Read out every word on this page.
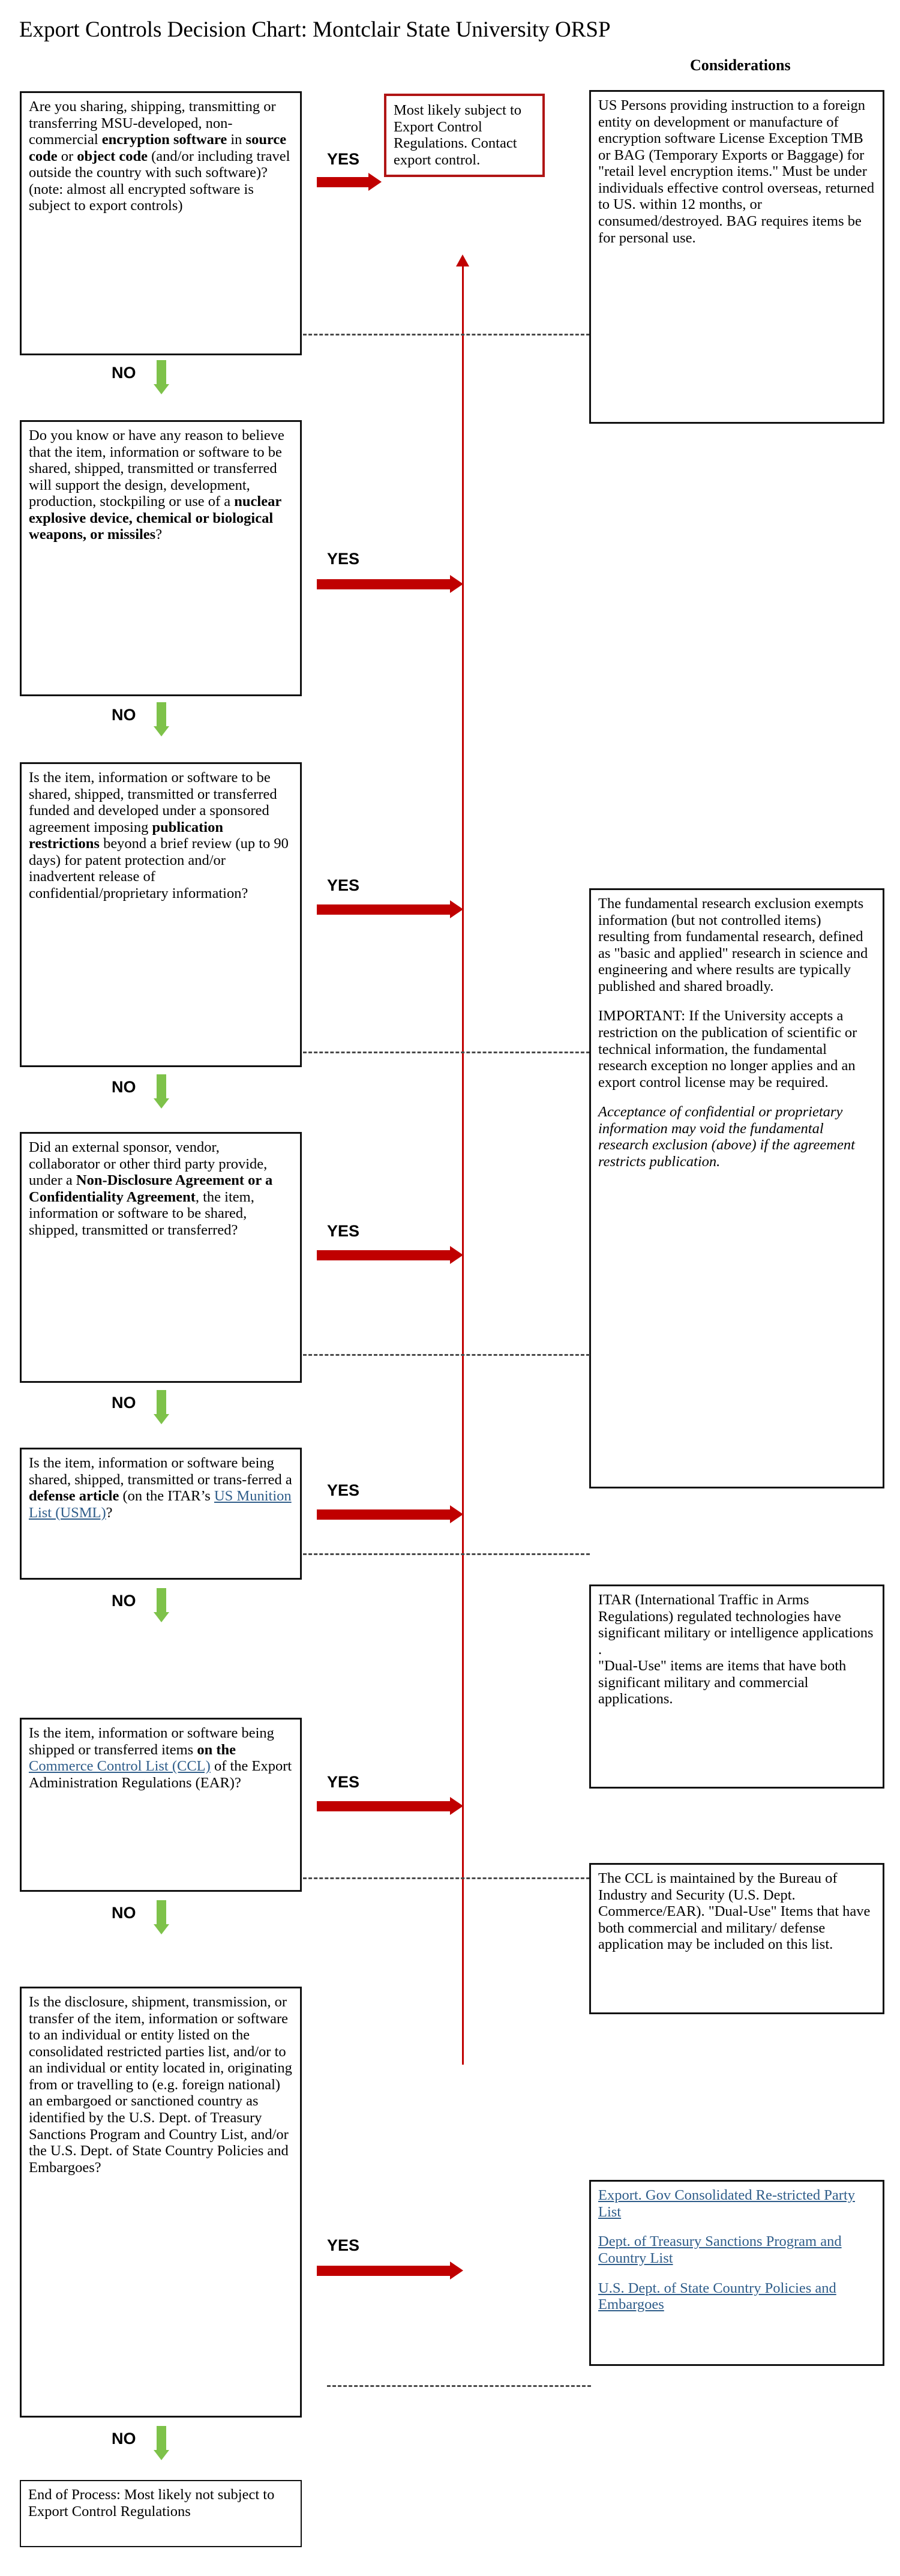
Export Controls Decision Chart: Montclair State University ORSP
Considerations
Most likely subject to Export Control Regulations. Contact export control.
Are you sharing, shipping, transmitting or transferring MSU-developed, non-commercial encryption software in source code or object code (and/or including travel outside the country with such software)? (note: almost all encrypted software is subject to export controls)
YES
NO
US Persons providing instruction to a foreign entity on development or manufacture of encryption software License Exception TMB or BAG (Temporary Exports or Baggage) for "retail level encryption items." Must be under individuals effective control overseas, returned to US. within 12 months, or consumed/destroyed. BAG requires items be for personal use.
Do you know or have any reason to believe that the item, information or software to be shared, shipped, transmitted or transferred will support the design, development, production, stockpiling or use of a nuclear explosive device, chemical or biological weapons, or missiles?
YES
NO
Is the item, information or software to be shared, shipped, transmitted or transferred funded and developed under a sponsored agreement imposing publication restrictions beyond a brief review (up to 90 days) for patent protection and/or inadvertent release of confidential/proprietary information?	YES
NO

The fundamental research exclusion exempts information (but not controlled items) resulting from fundamental research, defined as "basic and applied" research in science and engineering and where results are typically published and shared broadly.

IMPORTANT: If the University accepts a restriction on the publication of scientific or technical information, the fundamental research exception no longer applies and an export control license may be required.

Acceptance of confidential or proprietary information may void the fundamental research exclusion (above) if the agreement restricts publication.

Did an external sponsor, vendor, collaborator or other third party provide, under a Non-Disclosure Agreement or a Confidentiality Agreement, the item, information or software to be shared, shipped, transmitted or transferred?	YES
NO
Is the item, information or software being shared, shipped, transmitted or trans-ferred a defense article (on the ITAR’s US Munition List (USML)?
YES
NO	ITAR (International Traffic in Arms Regulations) regulated technologies have significant military or intelligence applications .
"Dual-Use" items are items that have both significant military and commercial applications.
Is the item, information or software being shipped or transferred items on the Commerce Control List (CCL) of the Export Administration Regulations (EAR)?	YES
NO
The CCL is maintained by the Bureau of Industry and Security (U.S. Dept. Commerce/EAR). "Dual-Use" Items that have both commercial and military/ defense application may be included on this list.
Is the disclosure, shipment, transmission, or transfer of the item, information or software to an individual or entity listed on the consolidated restricted parties list, and/or to an individual or entity located in, originating from or travelling to (e.g. foreign national) an embargoed or sanctioned country as identified by the U.S. Dept. of Treasury Sanctions Program and Country List, and/or the U.S. Dept. of State Country Policies and Embargoes?
YES
NO
Export. Gov Consolidated Re-stricted Party List
Dept. of Treasury Sanctions Program and Country List
U.S. Dept. of State Country Policies and Embargoes
End of Process: Most likely not subject to Export Control Regulations
